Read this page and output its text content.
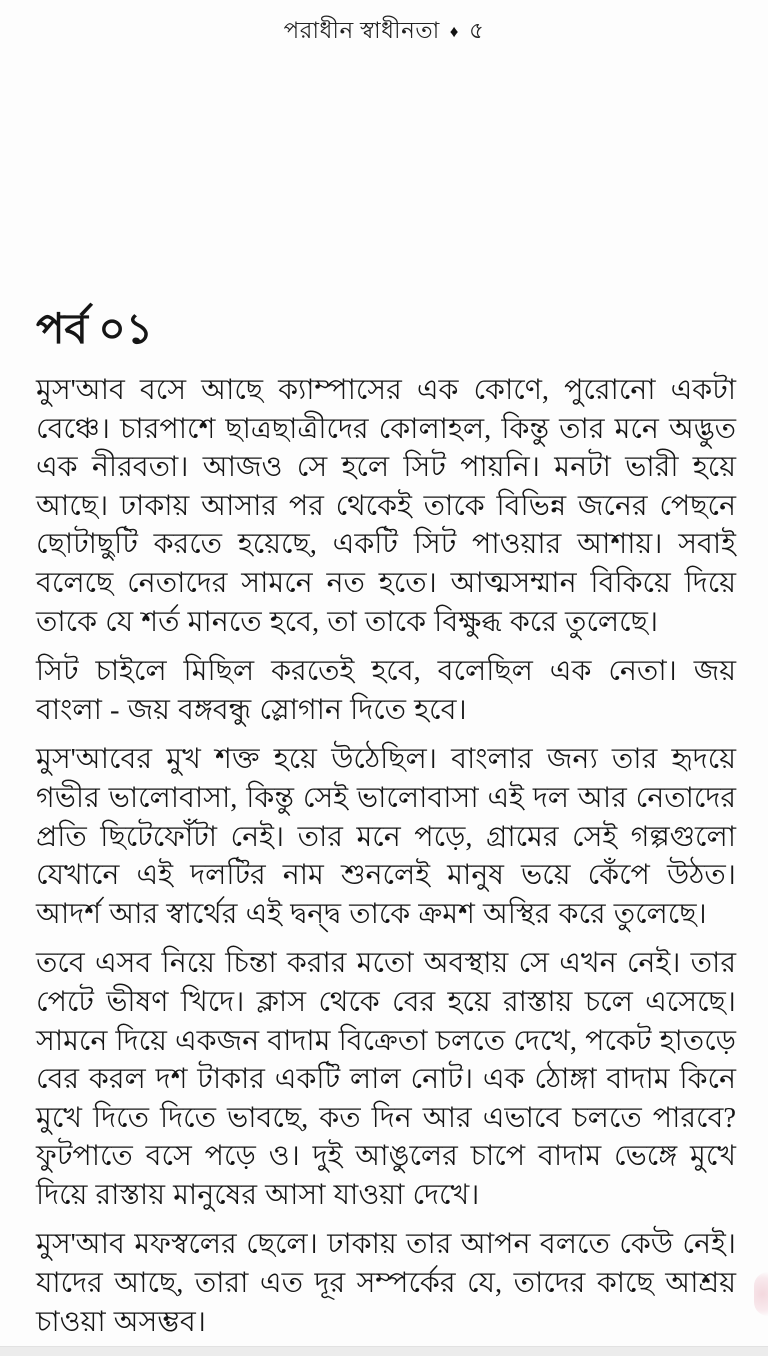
পরাধীন স্বাধীনতা ♦ ৫
পর্ব ০১

মুস'আব বসে আছে ক্যাম্পাসের এক কোণে, পুরোনো একটা বেঞ্চে। চারপাশে ছাত্রছাত্রীদের কোলাহল, কিন্তু তার মনে অদ্ভুত এক নীরবতা। আজও সে হলে সিট পায়নি। মনটা ভারী হয়ে আছে। ঢাকায় আসার পর থেকেই তাকে বিভিন্ন জনের পেছনে ছোটাছুটি করতে হয়েছে, একটি সিট পাওয়ার আশায়। সবাই বলেছে নেতাদের সামনে নত হতে। আত্মসম্মান বিকিয়ে দিয়ে তাকে যে শর্ত মানতে হবে, তা তাকে বিক্ষুব্ধ করে তুলেছে।

সিট চাইলে মিছিল করতেই হবে, বলেছিল এক নেতা। জয় বাংলা - জয় বঙ্গবন্ধু স্লোগান দিতে হবে।

মুস'আবের মুখ শক্ত হয়ে উঠেছিল। বাংলার জন্য তার হৃদয়ে গভীর ভালোবাসা, কিন্তু সেই ভালোবাসা এই দল আর নেতাদের প্রতি ছিটেফোঁটা নেই। তার মনে পড়ে, গ্রামের সেই গল্পগুলো যেখানে এই দলটির নাম শুনলেই মানুষ ভয়ে কেঁপে উঠত। আদর্শ আর স্বার্থের এই দ্বন্দ্ব তাকে ক্রমশ অস্থির করে তুলেছে।

তবে এসব নিয়ে চিন্তা করার মতো অবস্থায় সে এখন নেই। তার পেটে ভীষণ খিদে। ক্লাস থেকে বের হয়ে রাস্তায় চলে এসেছে। সামনে দিয়ে একজন বাদাম বিক্রেতা চলতে দেখে, পকেট হাতড়ে বের করল দশ টাকার একটি লাল নোট। এক ঠোঙ্গা বাদাম কিনে মুখে দিতে দিতে ভাবছে, কত দিন আর এভাবে চলতে পারবে? ফুটপাতে বসে পড়ে ও। দুই আঙুলের চাপে বাদাম ভেঙ্গে মুখে দিয়ে রাস্তায় মানুষের আসা যাওয়া দেখে।

মুস'আব মফস্বলের ছেলে। ঢাকায় তার আপন বলতে কেউ নেই। যাদের আছে, তারা এত দূর সম্পর্কের যে, তাদের কাছে আশ্রয় চাওয়া অসম্ভব।
